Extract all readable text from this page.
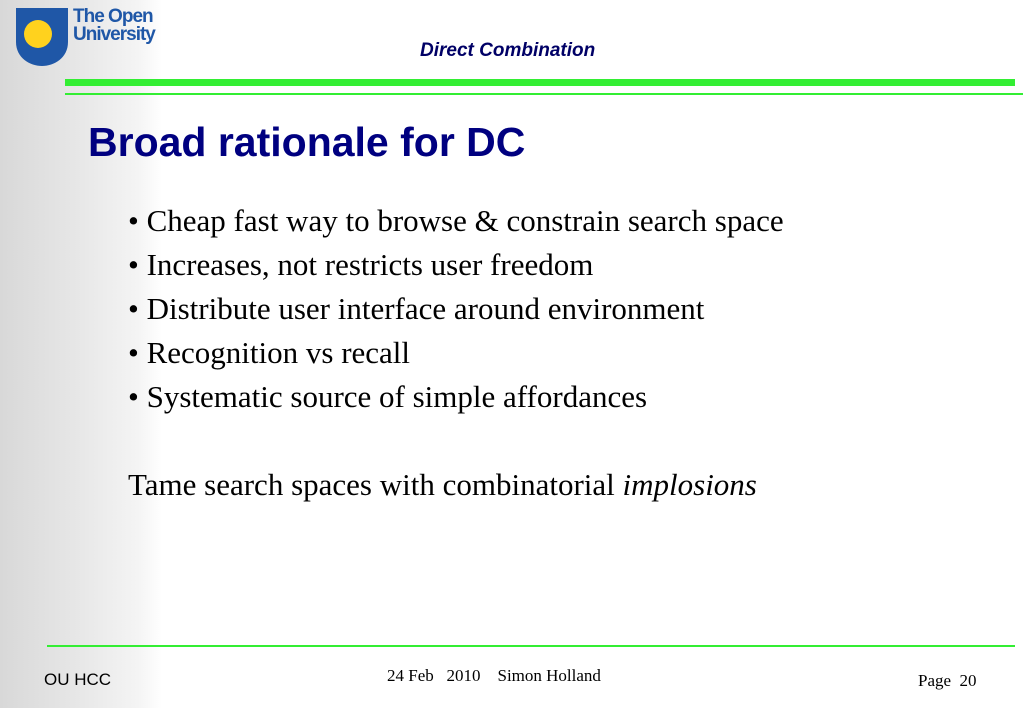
The Open
University
Direct Combination
Broad rationale for DC
• Cheap fast way to browse & constrain search space
• Increases, not restricts user freedom
• Distribute user interface around environment
• Recognition vs recall
• Systematic source of simple affordances
Tame search spaces with combinatorial implosions
OU HCC	24 Feb   2010    Simon Holland	Page 20
